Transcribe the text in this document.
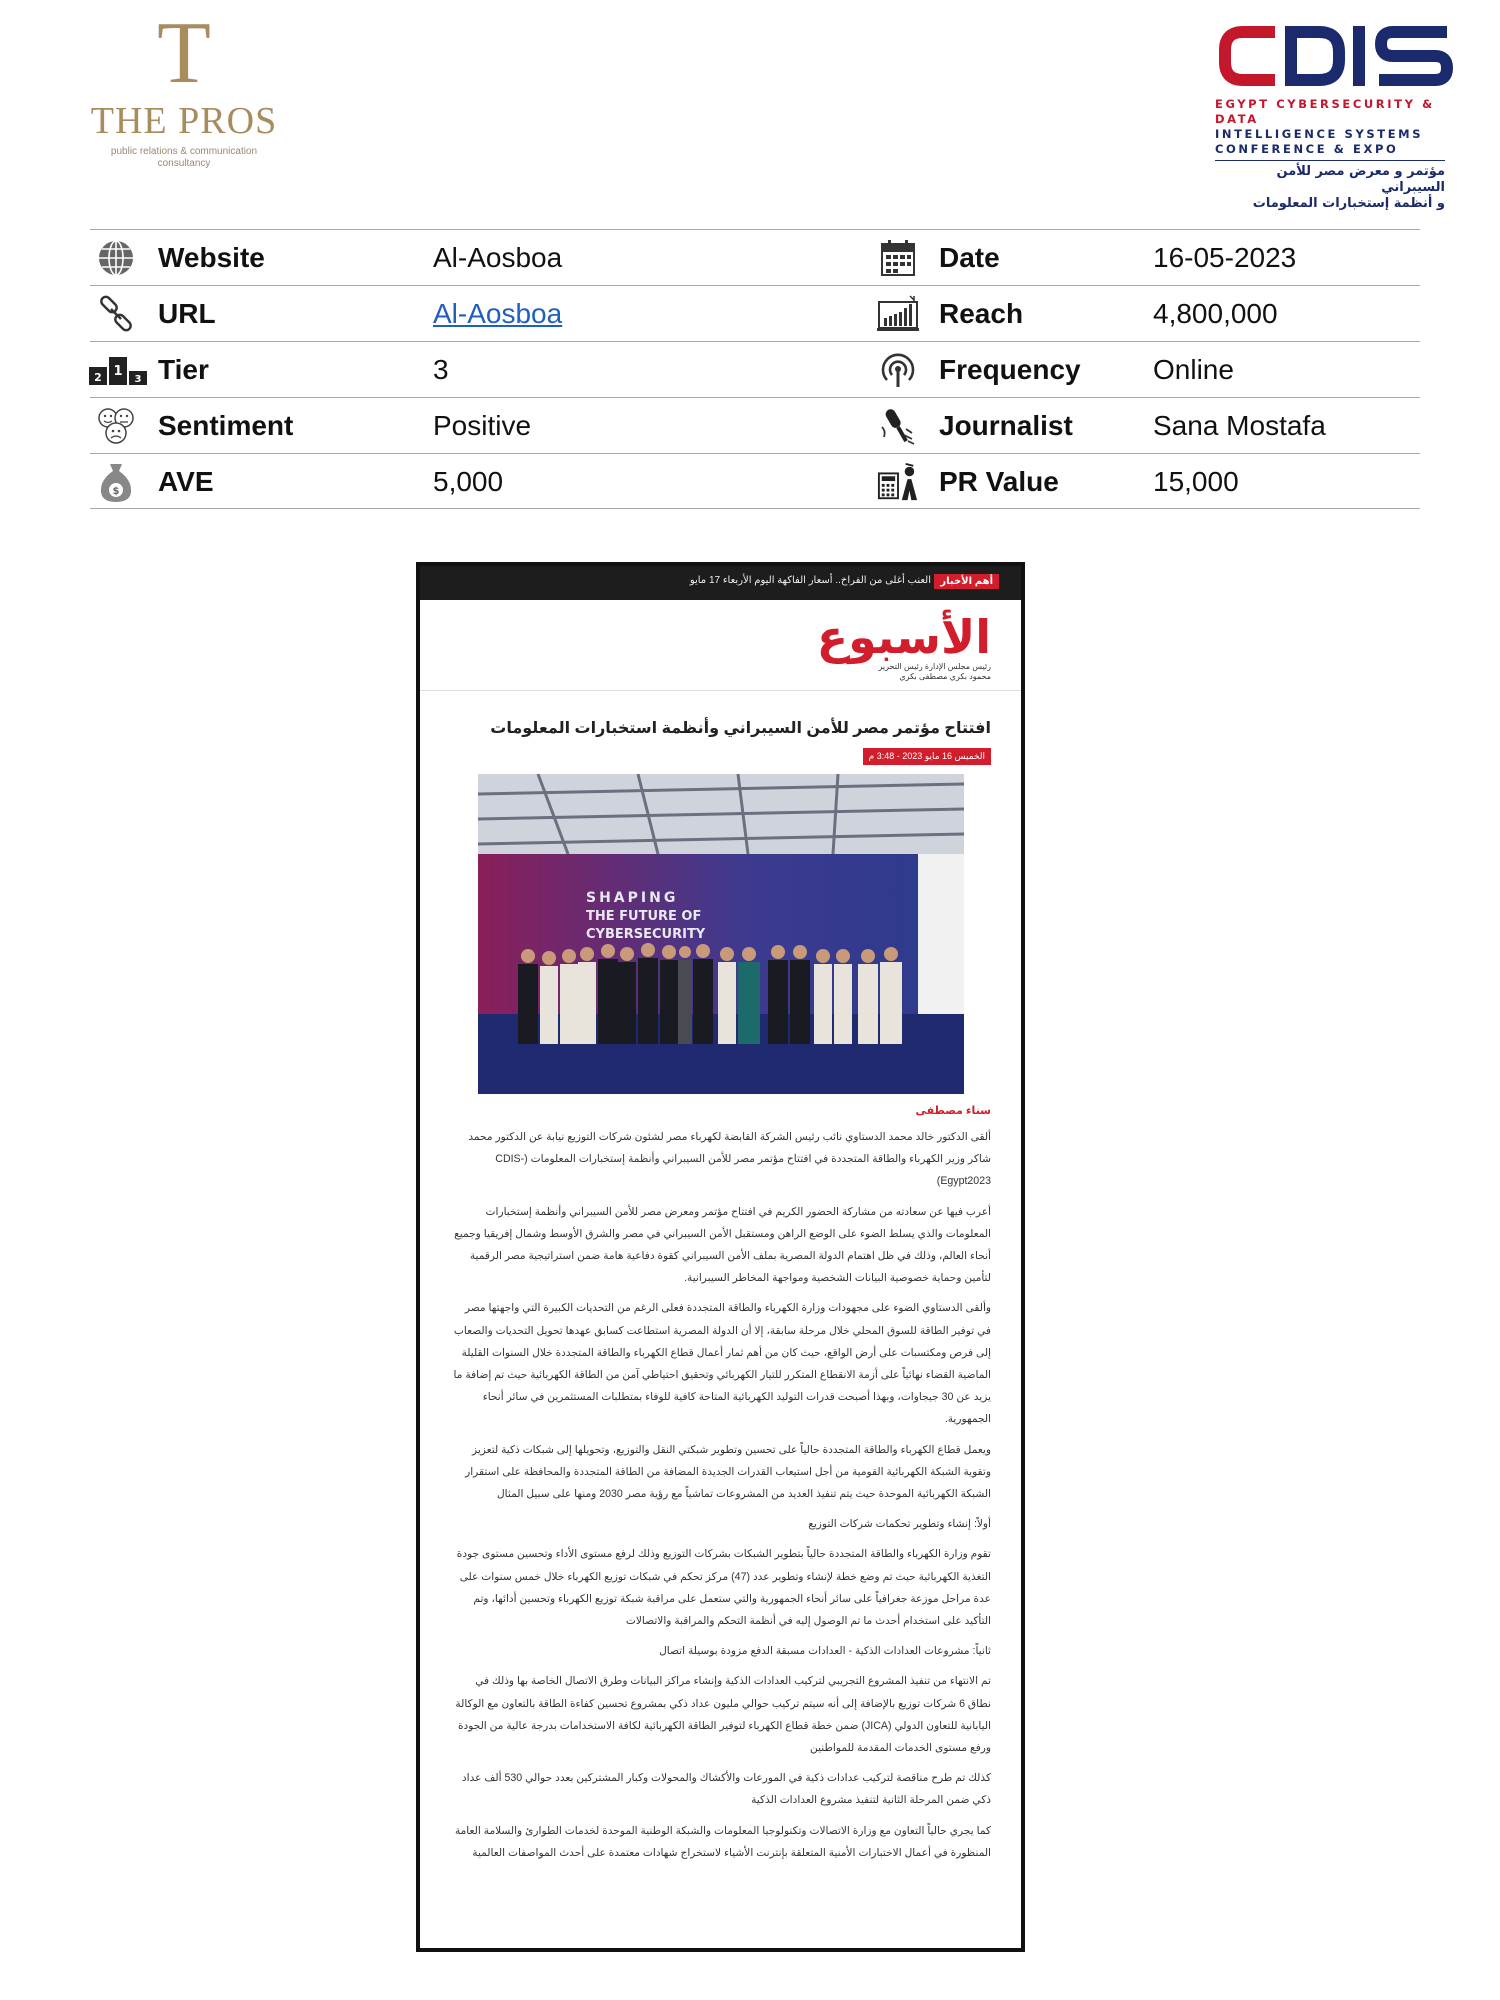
T
THE PROS
public relations & communication
consultancy
EGYPT CYBERSECURITY & DATA
INTELLIGENCE SYSTEMS
CONFERENCE & EXPO
مؤتمر و معرض مصر للأمن السيبراني
و أنظمة إستخبارات المعلومات
Website	Al-Aosboa	Date	16-05-2023
URL	Al-Aosboa	Reach	4,800,000
2 1
3 Tier	3	Frequency	Online
Sentiment	Positive	Journalist	Sana Mostafa
$ AVE	5,000	PR Value	15,000
أهم الأخبار
العنب أغلى من الفراخ.. أسعار الفاكهة اليوم الأربعاء 17 مايو
الأسبوع
رئيس مجلس الإدارة رئيس التحرير
محمود بكري مصطفى بكري
افتتاح مؤتمر مصر للأمن السيبراني وأنظمة استخبارات المعلومات
الخميس 16 مايو 2023 - 3:48 م
SHAPING
THE FUTURE OF
CYBERSECURITY
سناء مصطفى

ألقى الدكتور خالد محمد الدستاوي نائب رئيس الشركة القابضة لكهرباء مصر لشئون شركات التوزيع نيابة عن الدكتور محمد شاكر وزير الكهرباء والطاقة المتجددة في افتتاح مؤتمر مصر للأمن السيبراني وأنظمة إستخبارات المعلومات (CDIS-Egypt2023)

أعرب فيها عن سعادته من مشاركة الحضور الكريم في افتتاح مؤتمر ومعرض مصر للأمن السيبراني وأنظمة إستخبارات المعلومات والذي يسلط الضوء على الوضع الراهن ومستقبل الأمن السيبراني في مصر والشرق الأوسط وشمال إفريقيا وجميع أنحاء العالم، وذلك في ظل اهتمام الدولة المصرية بملف الأمن السيبراني كقوة دفاعية هامة ضمن استراتيجية مصر الرقمية لتأمين وحماية خصوصية البيانات الشخصية ومواجهة المخاطر السيبرانية.

وألقى الدستاوي الضوء على مجهودات وزارة الكهرباء والطاقة المتجددة فعلى الرغم من التحديات الكبيرة التي واجهتها مصر في توفير الطاقة للسوق المحلي خلال مرحلة سابقة، إلا أن الدولة المصرية استطاعت كسابق عهدها تحويل التحديات والصعاب إلى فرص ومكتسبات على أرض الواقع، حيث كان من أهم ثمار أعمال قطاع الكهرباء والطاقة المتجددة خلال السنوات القليلة الماضية القضاء نهائياً على أزمة الانقطاع المتكرر للتيار الكهربائي وتحقيق احتياطي آمن من الطاقة الكهربائية حيث تم إضافة ما يزيد عن 30 جيجاوات، وبهذا أصبحت قدرات التوليد الكهربائية المتاحة كافية للوفاء بمتطلبات المستثمرين في سائر أنحاء الجمهورية.

ويعمل قطاع الكهرباء والطاقة المتجددة حالياً على تحسين وتطوير شبكتي النقل والتوزيع، وتحويلها إلى شبكات ذكية لتعزيز وتقوية الشبكة الكهربائية القومية من أجل استيعاب القدرات الجديدة المضافة من الطاقة المتجددة والمحافظة على استقرار الشبكة الكهربائية الموحدة حيث يتم تنفيذ العديد من المشروعات تماشياً مع رؤية مصر 2030 ومنها على سبيل المثال

أولاً: إنشاء وتطوير تحكمات شركات التوزيع

تقوم وزارة الكهرباء والطاقة المتجددة حالياً بتطوير الشبكات بشركات التوزيع وذلك لرفع مستوى الأداء وتحسين مستوى جودة التغذية الكهربائية حيث تم وضع خطة لإنشاء وتطوير عدد (47) مركز تحكم في شبكات توزيع الكهرباء خلال خمس سنوات على عدة مراحل موزعة جغرافياً على سائر أنحاء الجمهورية والتي ستعمل على مراقبة شبكة توزيع الكهرباء وتحسين أدائها، وتم التأكيد على استخدام أحدث ما تم الوصول إليه في أنظمة التحكم والمراقبة والاتصالات

ثانياً: مشروعات العدادات الذكية - العدادات مسبقة الدفع مزودة بوسيلة اتصال

تم الانتهاء من تنفيذ المشروع التجريبي لتركيب العدادات الذكية وإنشاء مراكز البيانات وطرق الاتصال الخاصة بها وذلك في نطاق 6 شركات توزيع بالإضافة إلى أنه سيتم تركيب حوالي مليون عداد ذكي بمشروع تحسين كفاءة الطاقة بالتعاون مع الوكالة اليابانية للتعاون الدولي (JICA) ضمن خطة قطاع الكهرباء لتوفير الطاقة الكهربائية لكافة الاستخدامات بدرجة عالية من الجودة ورفع مستوى الخدمات المقدمة للمواطنين

كذلك تم طرح مناقصة لتركيب عدادات ذكية في المورعات والأكشاك والمحولات وكبار المشتركين بعدد حوالي 530 ألف عداد ذكي ضمن المرحلة الثانية لتنفيذ مشروع العدادات الذكية

كما يجري حالياً التعاون مع وزارة الاتصالات وتكنولوجيا المعلومات والشبكة الوطنية الموحدة لخدمات الطوارئ والسلامة العامة المنظورة في أعمال الاختبارات الأمنية المتعلقة بإنترنت الأشياء لاستخراج شهادات معتمدة على أحدث المواصفات العالمية
